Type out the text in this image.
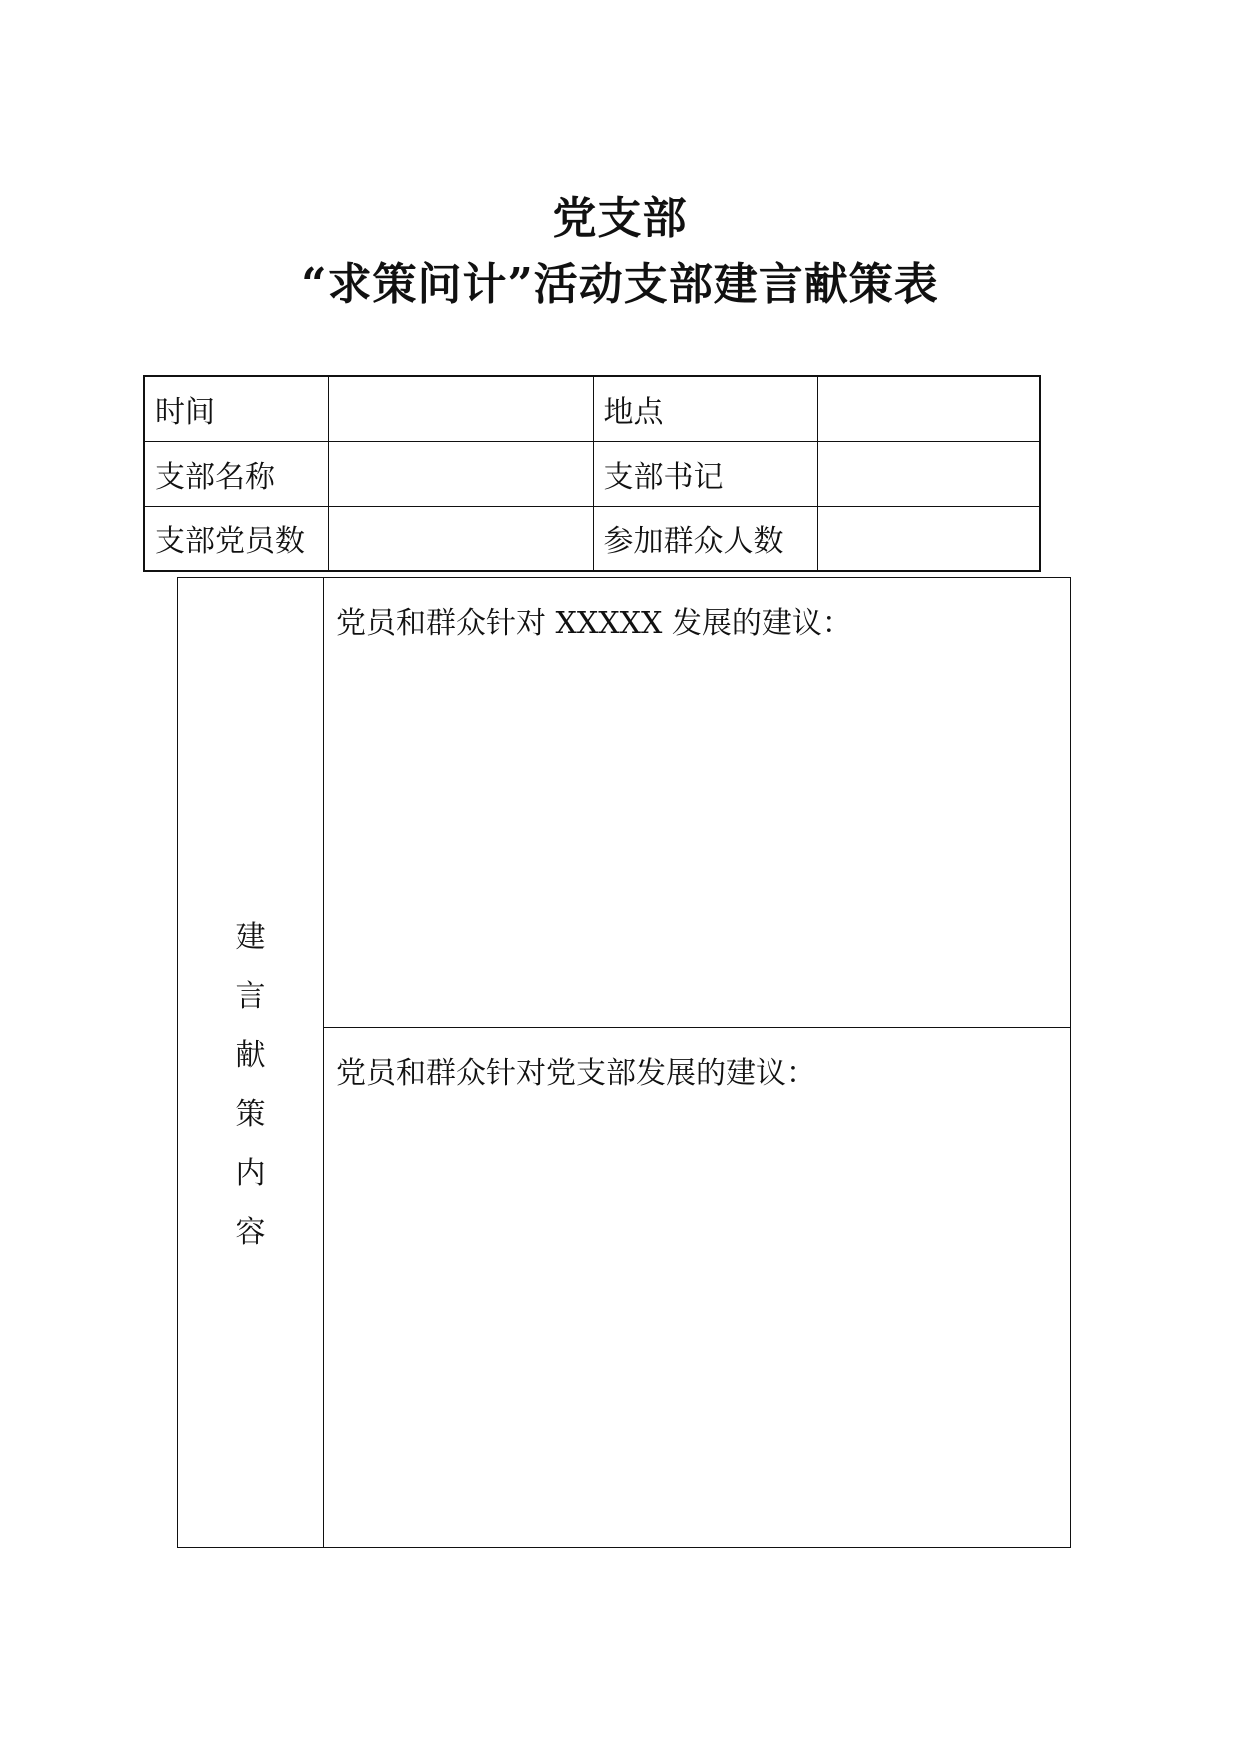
党支部
“求策问计”活动支部建言献策表
时间		地点	
支部名称		支部书记	
支部党员数		参加群众人数	
建
言
献
策
内
容
	党员和群众针对 XXXXX 发展的建议：
党员和群众针对党支部发展的建议：
